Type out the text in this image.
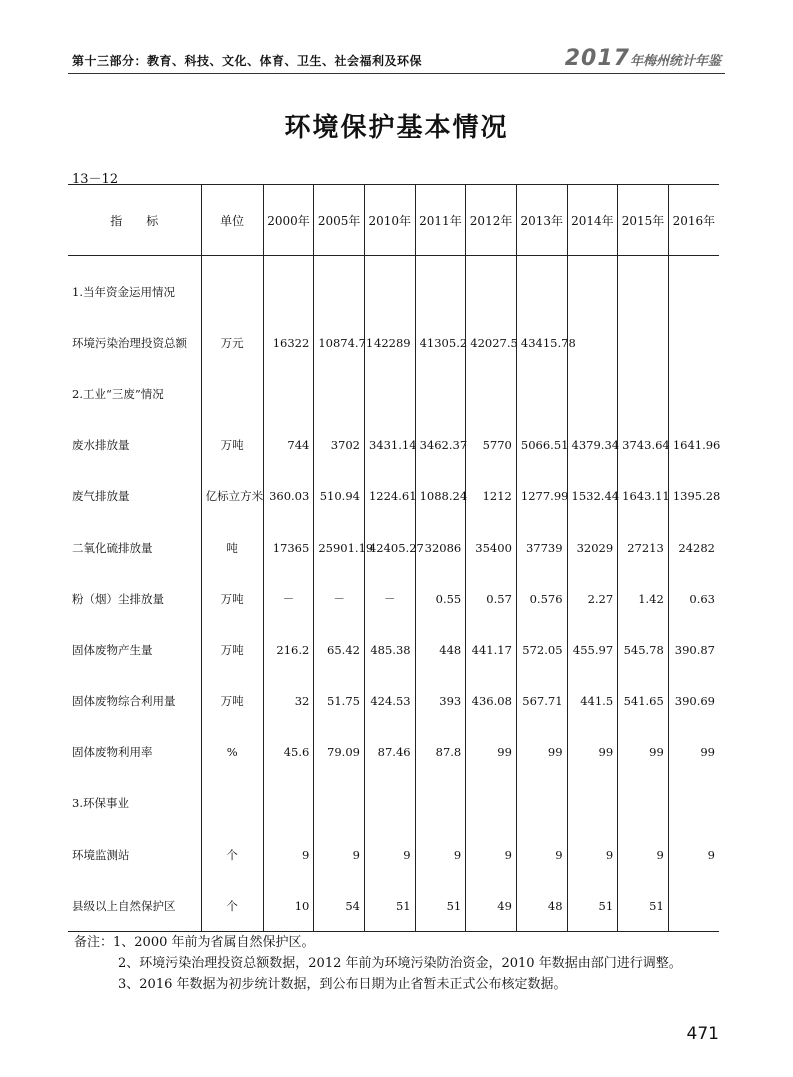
第十三部分：教育、科技、文化、体育、卫生、社会福利及环保	2017年梅州统计年鉴
环境保护基本情况
13－12
指　　标	单位	2000年	2005年	2010年	2011年	2012年	2013年	2014年	2015年	2016年

1.当年资金运用情况										
环境污染治理投资总额	万元	16322	10874.71	42289	41305.2	42027.5	43415.78			
2.工业“三废”情况										
废水排放量	万吨	744	3702	3431.14	3462.37	5770	5066.51	4379.34	3743.64	1641.96
废气排放量	亿标立方米	360.03	510.94	1224.61	1088.24	1212	1277.99	1532.44	1643.11	1395.28
二氧化硫排放量	吨	17365	25901.19	42405.27	32086	35400	37739	32029	27213	24282
粉（烟）尘排放量	万吨	－	－	－	0.55	0.57	0.576	2.27	1.42	0.63
固体废物产生量	万吨	216.2	65.42	485.38	448	441.17	572.05	455.97	545.78	390.87
固体废物综合利用量	万吨	32	51.75	424.53	393	436.08	567.71	441.5	541.65	390.69
固体废物利用率	%	45.6	79.09	87.46	87.8	99	99	99	99	99
3.环保事业										
环境监测站	个	9	9	9	9	9	9	9	9	9
县级以上自然保护区	个	10	54	51	51	49	48	51	51	
备注：1、2000 年前为省属自然保护区。
2、环境污染治理投资总额数据，2012 年前为环境污染防治资金，2010 年数据由部门进行调整。
3、2016 年数据为初步统计数据，到公布日期为止省暂未正式公布核定数据。
471
